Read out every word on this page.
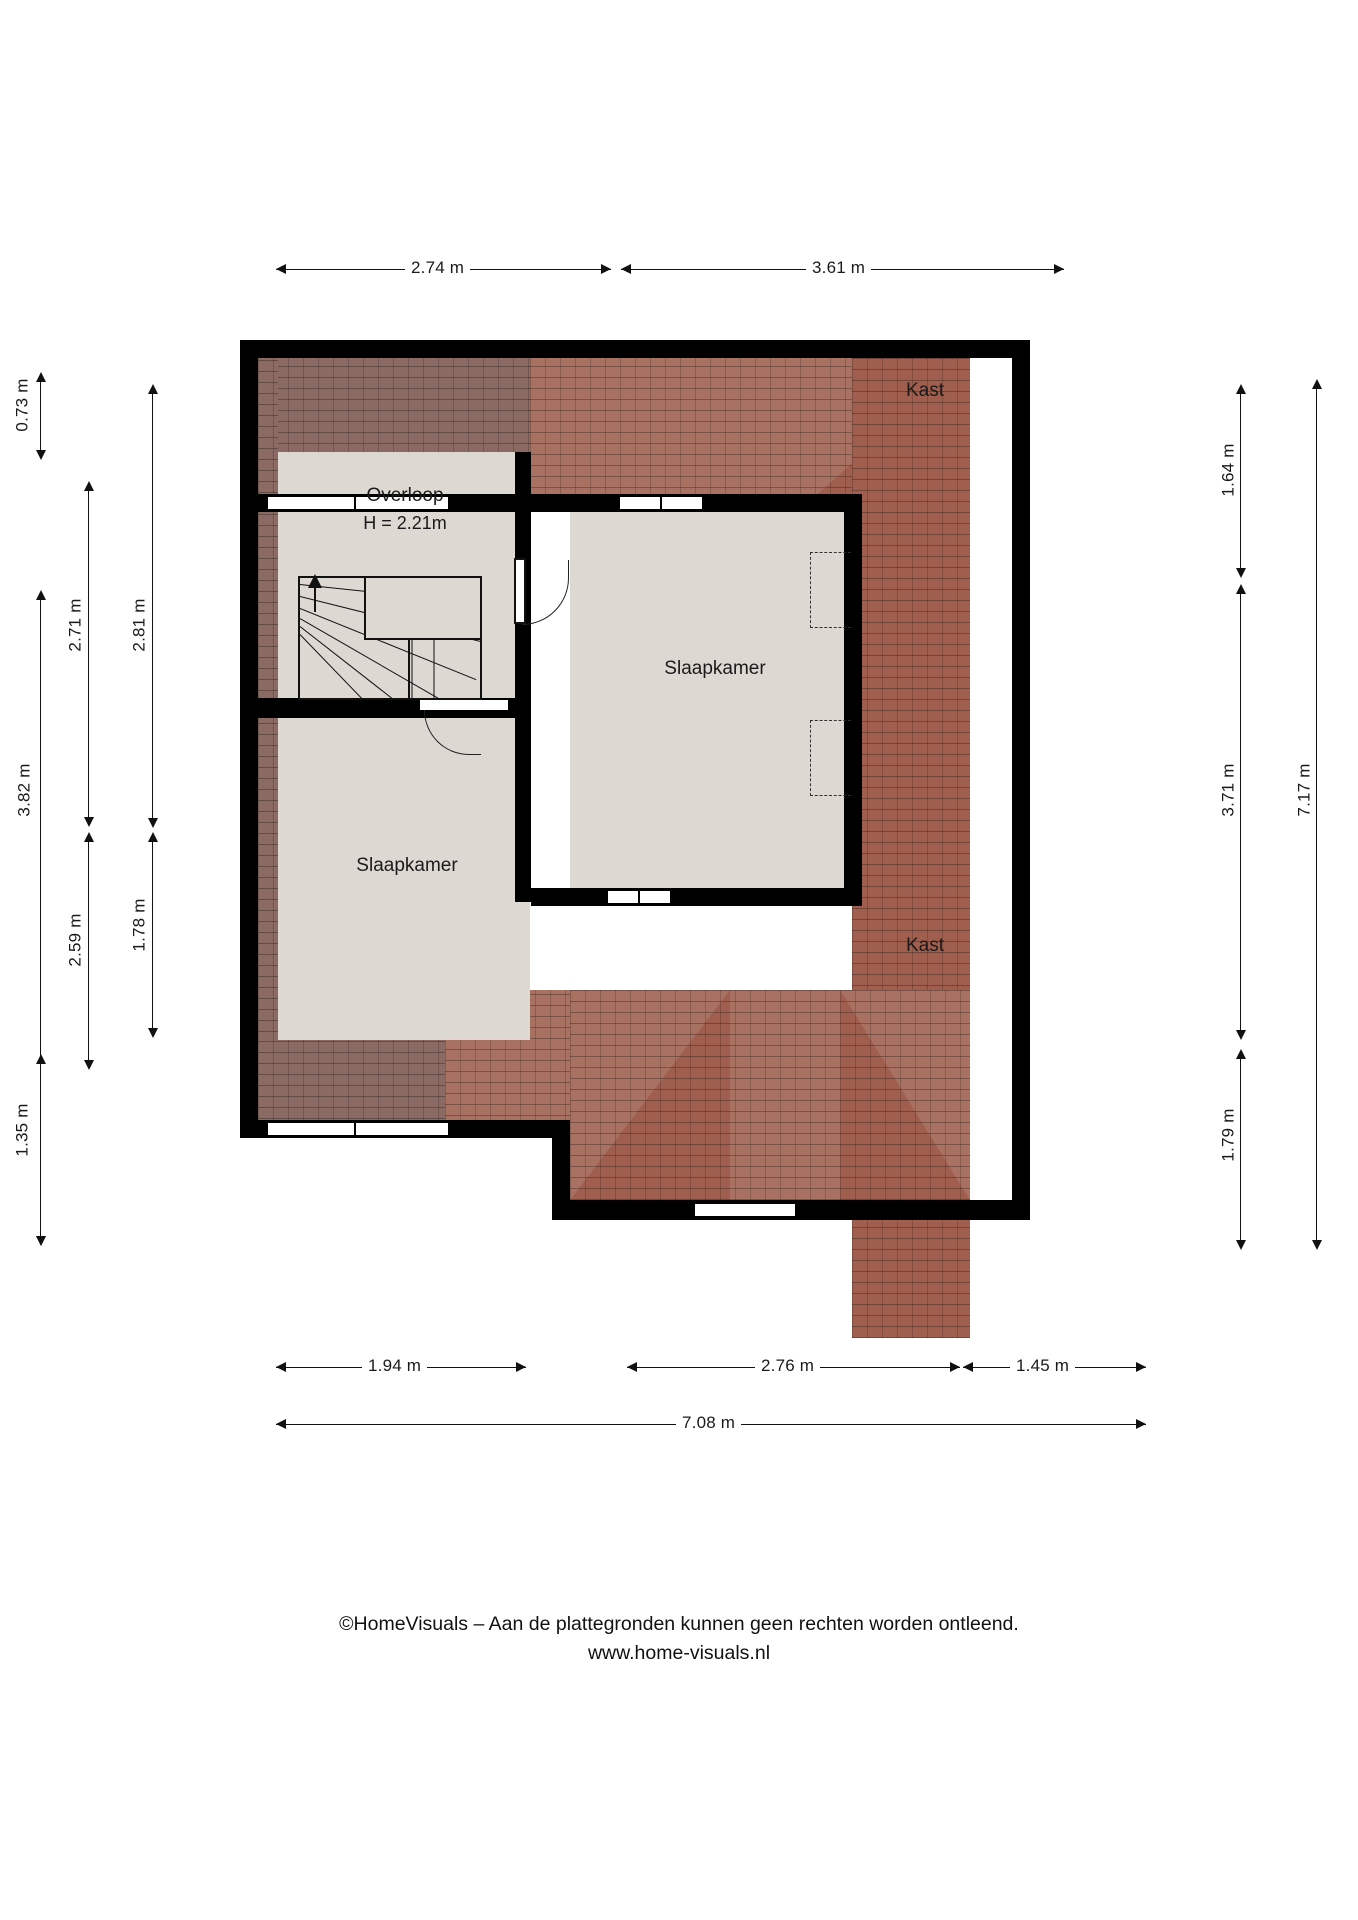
2.74 m	3.61 m
0.73 m
3.82 m
1.35 m
2.71 m
2.59 m
2.81 m
1.78 m
1.64 m
3.71 m
1.79 m
7.17 m
1.94 m	2.76 m	1.45 m
7.08 m
Overloop
H = 2.21m
Slaapkamer
Slaapkamer
Kast
Kast
©HomeVisuals – Aan de plattegronden kunnen geen rechten worden ontleend.
www.home-visuals.nl
